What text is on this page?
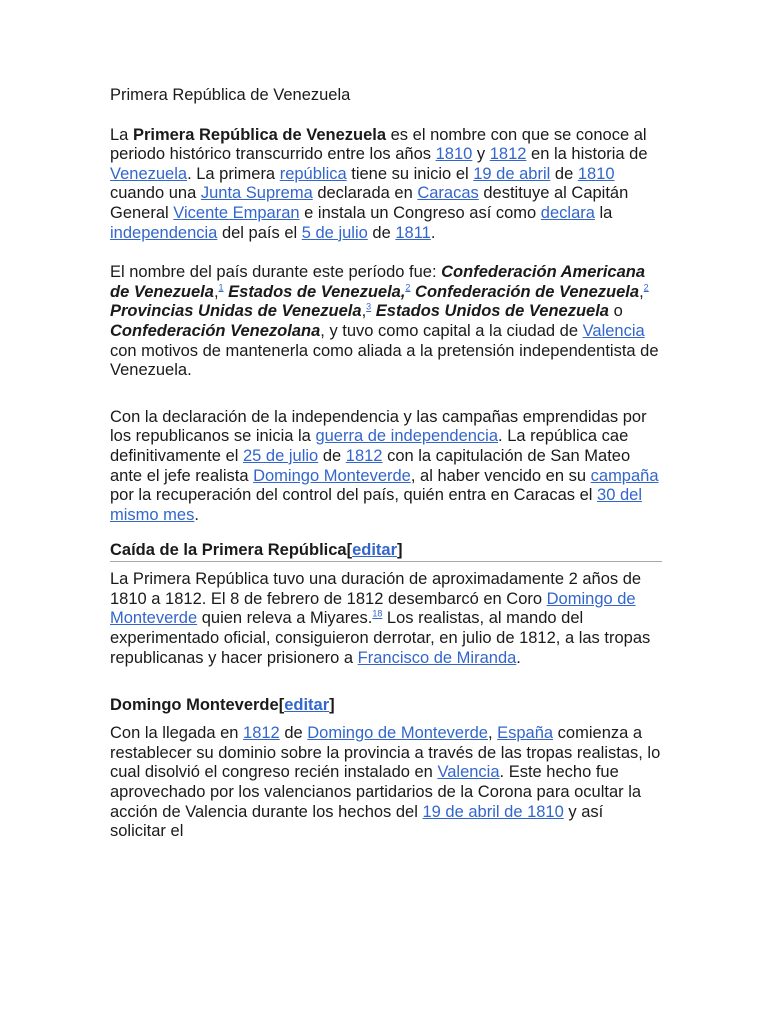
Primera República de Venezuela

La Primera República de Venezuela es el nombre con que se conoce al periodo histórico transcurrido entre los años 1810 y 1812 en la historia de Venezuela. La primera república tiene su inicio el 19 de abril de 1810 cuando una Junta Suprema declarada en Caracas destituye al Capitán General Vicente Emparan e instala un Congreso así como declara la independencia del país el 5 de julio de 1811.

El nombre del país durante este período fue: Confederación Americana de Venezuela,$^1$ Estados de Venezuela,$^2$ Confederación de Venezuela,$^2$ Provincias Unidas de Venezuela,$^3$ Estados Unidos de Venezuela o Confederación Venezolana, y tuvo como capital a la ciudad de Valencia con motivos de mantenerla como aliada a la pretensión independentista de Venezuela.

Con la declaración de la independencia y las campañas emprendidas por los republicanos se inicia la guerra de independencia. La república cae definitivamente el 25 de julio de 1812 con la capitulación de San Mateo ante el jefe realista Domingo Monteverde, al haber vencido en su campaña por la recuperación del control del país, quién entra en Caracas el 30 del mismo mes.

Caída de la Primera República[editar]

La Primera República tuvo una duración de aproximadamente 2 años de 1810 a 1812. El 8 de febrero de 1812 desembarcó en Coro Domingo de Monteverde quien releva a Miyares.$^{18}$ Los realistas, al mando del experimentado oficial, consiguieron derrotar, en julio de 1812, a las tropas republicanas y hacer prisionero a Francisco de Miranda.

Domingo Monteverde[editar]

Con la llegada en 1812 de Domingo de Monteverde, España comienza a restablecer su dominio sobre la provincia a través de las tropas realistas, lo cual disolvió el congreso recién instalado en Valencia. Este hecho fue aprovechado por los valencianos partidarios de la Corona para ocultar la acción de Valencia durante los hechos del 19 de abril de 1810 y así solicitar el
